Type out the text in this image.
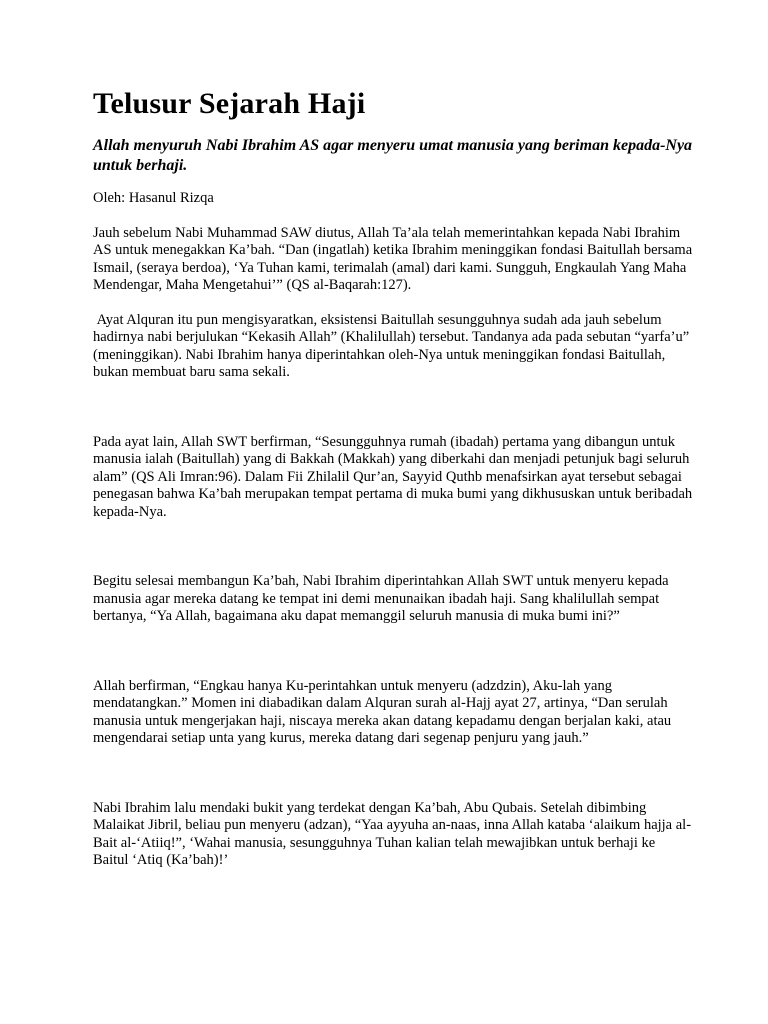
Telusur Sejarah Haji

Allah menyuruh Nabi Ibrahim AS agar menyeru umat manusia yang beriman kepada-Nya untuk berhaji.

Oleh: Hasanul Rizqa

Jauh sebelum Nabi Muhammad SAW diutus, Allah Ta’ala telah memerintahkan kepada Nabi Ibrahim AS untuk menegakkan Ka’bah. “Dan (ingatlah) ketika Ibrahim meninggikan fondasi Baitullah bersama Ismail, (seraya berdoa), ‘Ya Tuhan kami, terimalah (amal) dari kami. Sungguh, Engkaulah Yang Maha Mendengar, Maha Mengetahui’” (QS al-Baqarah:127).

Ayat Alquran itu pun mengisyaratkan, eksistensi Baitullah sesungguhnya sudah ada jauh sebelum hadirnya nabi berjulukan “Kekasih Allah” (Khalilullah) tersebut. Tandanya ada pada sebutan “yarfa’u” (meninggikan). Nabi Ibrahim hanya diperintahkan oleh-Nya untuk meninggikan fondasi Baitullah, bukan membuat baru sama sekali.

Pada ayat lain, Allah SWT berfirman, “Sesungguhnya rumah (ibadah) pertama yang dibangun untuk manusia ialah (Baitullah) yang di Bakkah (Makkah) yang diberkahi dan menjadi petunjuk bagi seluruh alam” (QS Ali Imran:96). Dalam Fii Zhilalil Qur’an, Sayyid Quthb menafsirkan ayat tersebut sebagai penegasan bahwa Ka’bah merupakan tempat pertama di muka bumi yang dikhususkan untuk beribadah kepada-Nya.

Begitu selesai membangun Ka’bah, Nabi Ibrahim diperintahkan Allah SWT untuk menyeru kepada manusia agar mereka datang ke tempat ini demi menunaikan ibadah haji. Sang khalilullah sempat bertanya, “Ya Allah, bagaimana aku dapat memanggil seluruh manusia di muka bumi ini?”

Allah berfirman, “Engkau hanya Ku-perintahkan untuk menyeru (adzdzin), Aku-lah yang mendatangkan.” Momen ini diabadikan dalam Alquran surah al-Hajj ayat 27, artinya, “Dan serulah manusia untuk mengerjakan haji, niscaya mereka akan datang kepadamu dengan berjalan kaki, atau mengendarai setiap unta yang kurus, mereka datang dari segenap penjuru yang jauh.”

Nabi Ibrahim lalu mendaki bukit yang terdekat dengan Ka’bah, Abu Qubais. Setelah dibimbing Malaikat Jibril, beliau pun menyeru (adzan), “Yaa ayyuha an-naas, inna Allah kataba ‘alaikum hajja al-Bait al-‘Atiiq!”, ‘Wahai manusia, sesungguhnya Tuhan kalian telah mewajibkan untuk berhaji ke Baitul ‘Atiq (Ka’bah)!’
